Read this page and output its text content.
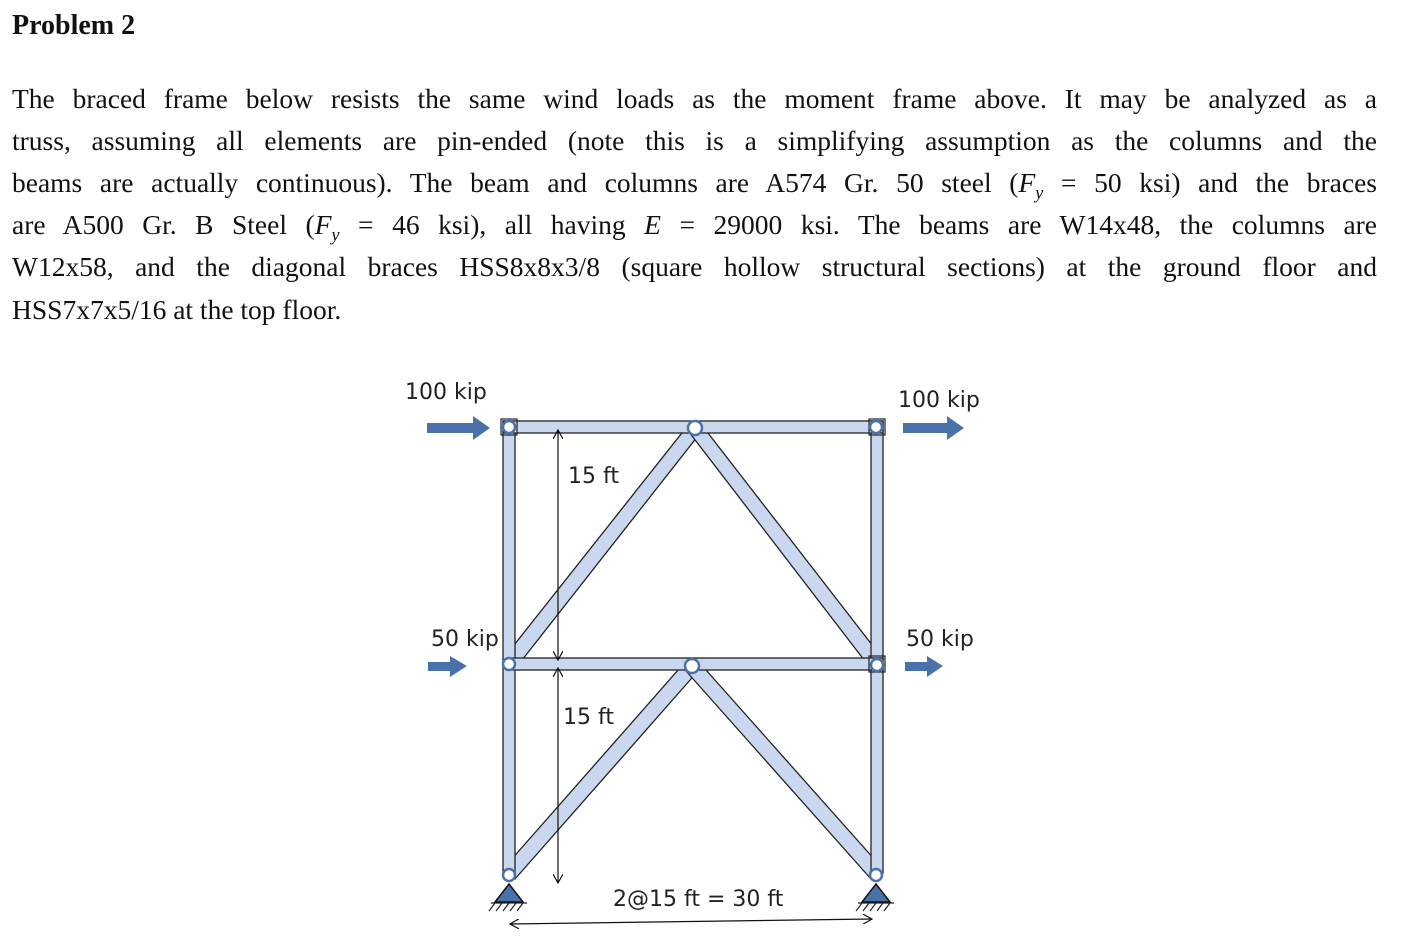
Problem 2
The braced frame below resists the same wind loads as the moment frame above. It may be analyzed as a
truss, assuming all elements are pin-ended (note this is a simplifying assumption as the columns and the
beams are actually continuous). The beam and columns are A574 Gr. 50 steel ($F_y = 50$ ksi) and the braces
are A500 Gr. B Steel ($F_y = 46$ ksi), all having E = 29000 ksi. The beams are W14x48, the columns are
W12x58, and the diagonal braces HSS8x8x3/8 (square hollow structural sections) at the ground floor and
HSS7x7x5/16 at the top floor.
100 kip	100 kip
50 kip	50 kip
15 ft
15 ft
2@15 ft = 30 ft
